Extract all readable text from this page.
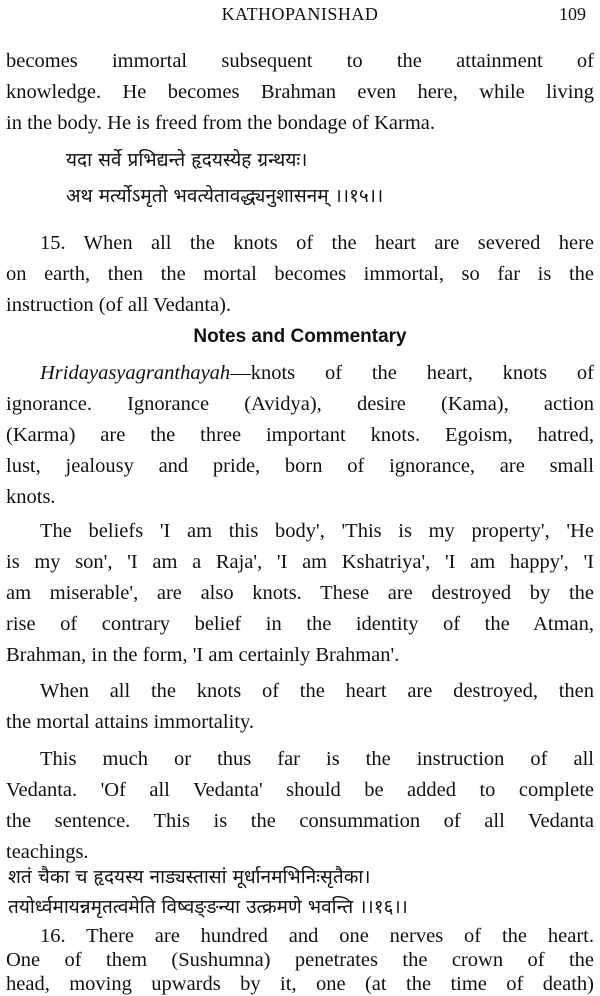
KATHOPANISHAD	109
becomes immortal subsequent to the attainment of
knowledge. He becomes Brahman even here, while living
in the body. He is freed from the bondage of Karma.
यदा सर्वे प्रभिद्यन्ते हृदयस्येह ग्रन्थयः।
अथ मर्त्योऽमृतो भवत्येतावद्ध्यनुशासनम् ।।१५।।
15. When all the knots of the heart are severed here
on earth, then the mortal becomes immortal, so far is the
instruction (of all Vedanta).
Notes and Commentary
Hridayasyagranthayah—knots of the heart, knots of
ignorance. Ignorance (Avidya), desire (Kama), action
(Karma) are the three important knots. Egoism, hatred,
lust, jealousy and pride, born of ignorance, are small
knots.
The beliefs 'I am this body', 'This is my property', 'He
is my son', 'I am a Raja', 'I am Kshatriya', 'I am happy', 'I
am miserable', are also knots. These are destroyed by the
rise of contrary belief in the identity of the Atman,
Brahman, in the form, 'I am certainly Brahman'.
When all the knots of the heart are destroyed, then
the mortal attains immortality.
This much or thus far is the instruction of all
Vedanta. 'Of all Vedanta' should be added to complete
the sentence. This is the consummation of all Vedanta
teachings.
शतं चैका च हृदयस्य नाड्यस्तासां मूर्धानमभिनिःसृतैका।
तयोर्ध्वमायन्नमृतत्वमेति विष्वङ्ङन्या उत्क्रमणे भवन्ति ।।१६।।
16. There are hundred and one nerves of the heart.
One of them (Sushumna) penetrates the crown of the
head, moving upwards by it, one (at the time of death)
